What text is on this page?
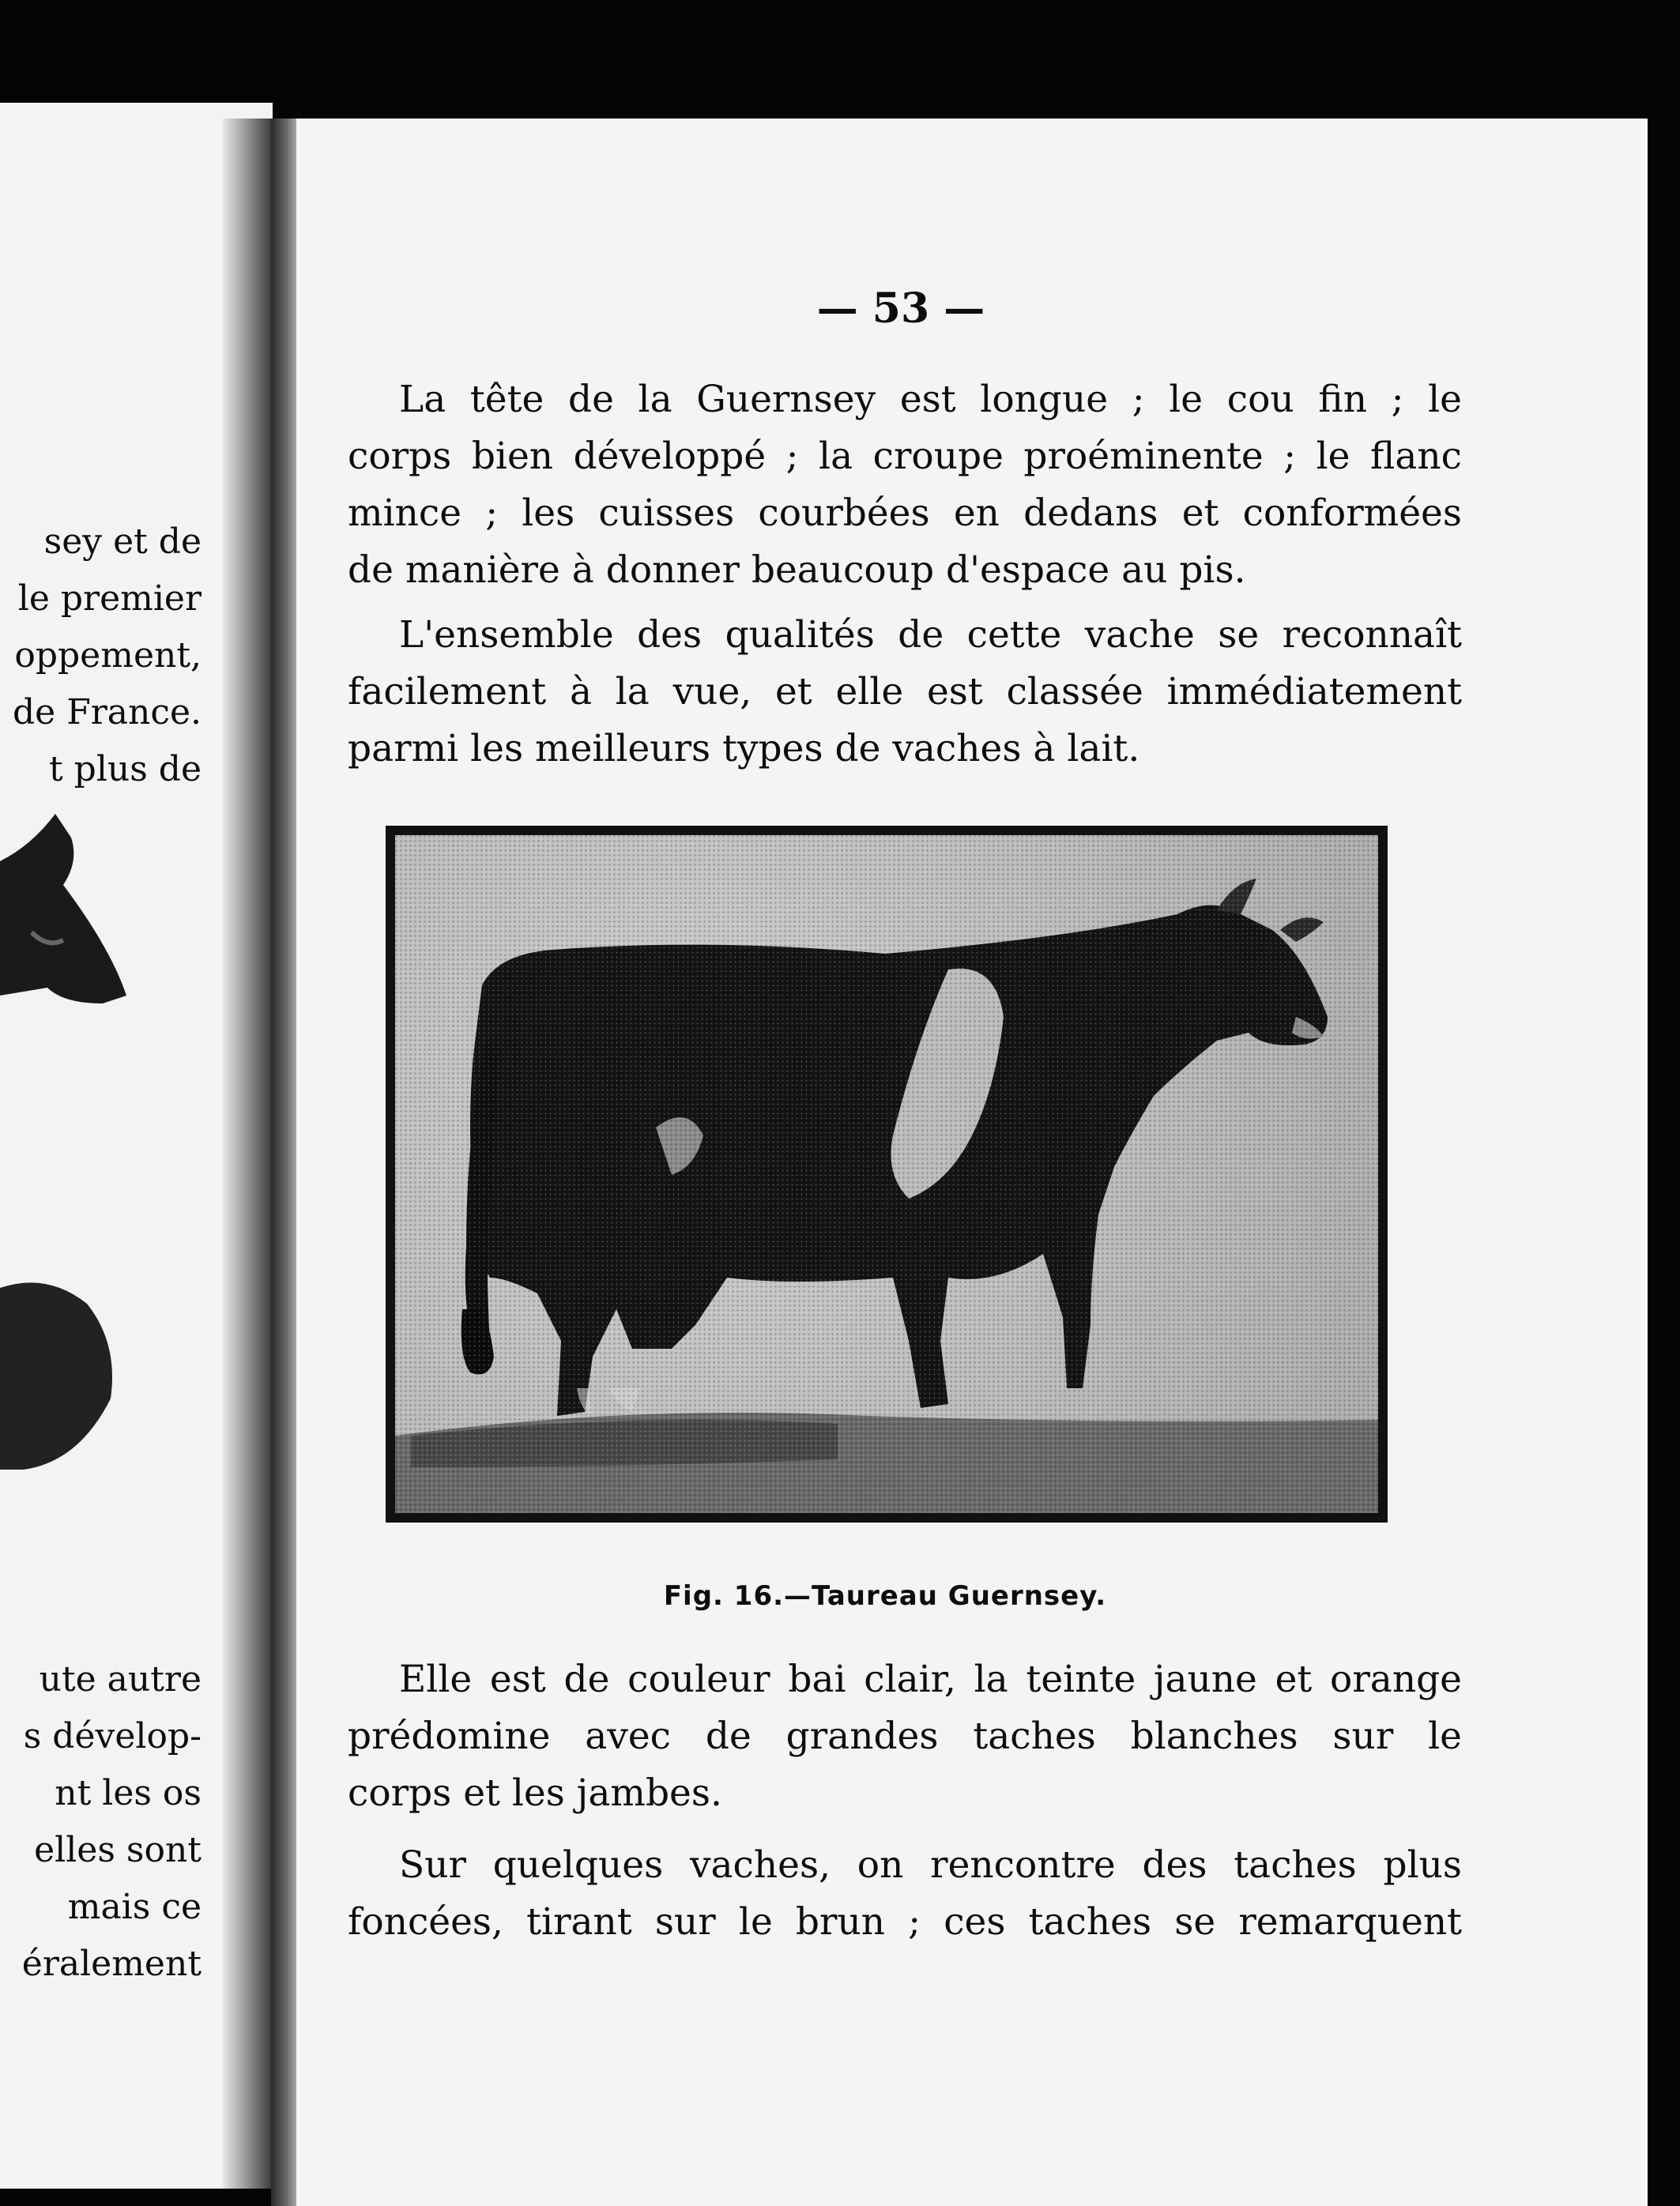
sey et de
le premier
oppement,
de France.
t plus de
ute autre
s dévelop-
nt les os
elles sont
mais ce
éralement
— 53 —
La tête de la Guernsey est longue ; le cou fin ; le
corps bien développé ; la croupe proéminente ; le flanc
mince ; les cuisses courbées en dedans et conformées
de manière à donner beaucoup d'espace au pis.
L'ensemble des qualités de cette vache se reconnaît
facilement à la vue, et elle est classée immédiatement
parmi les meilleurs types de vaches à lait.
Fig. 16.—Taureau Guernsey.
Elle est de couleur bai clair, la teinte jaune et orange
prédomine avec de grandes taches blanches sur le
corps et les jambes.
Sur quelques vaches, on rencontre des taches plus
foncées, tirant sur le brun ; ces taches se remarquent
